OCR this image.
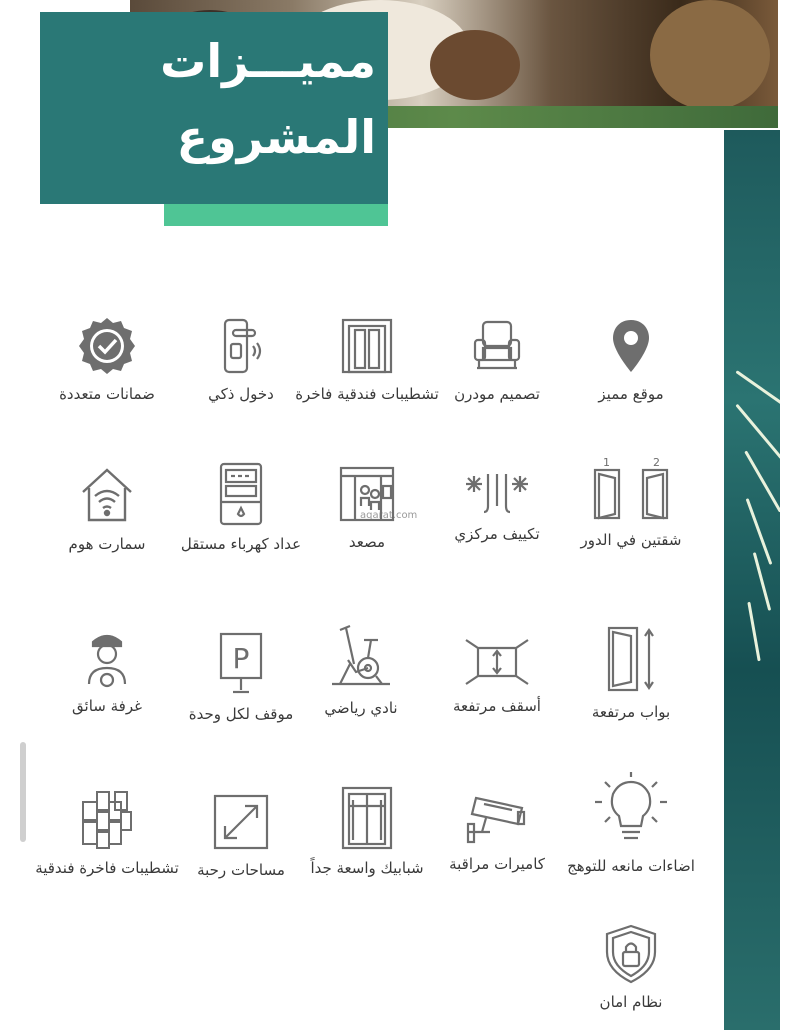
مميـــزات
المشروع
aqarat.com
موقع مميز
تصميم مودرن
تشطيبات فندقية فاخرة
دخول ذكي
ضمانات متعددة
1	2
شقتين في الدور
تكييف مركزي
مصعد
عداد كهرباء مستقل
سمارت هوم
بواب مرتفعة
أسقف مرتفعة
نادي رياضي
P
موقف لكل وحدة
غرفة سائق
اضاءات مانعه للتوهج
كاميرات مراقبة
شبابيك واسعة جداً
مساحات رحبة
تشطيبات فاخرة فندقية
نظام امان
